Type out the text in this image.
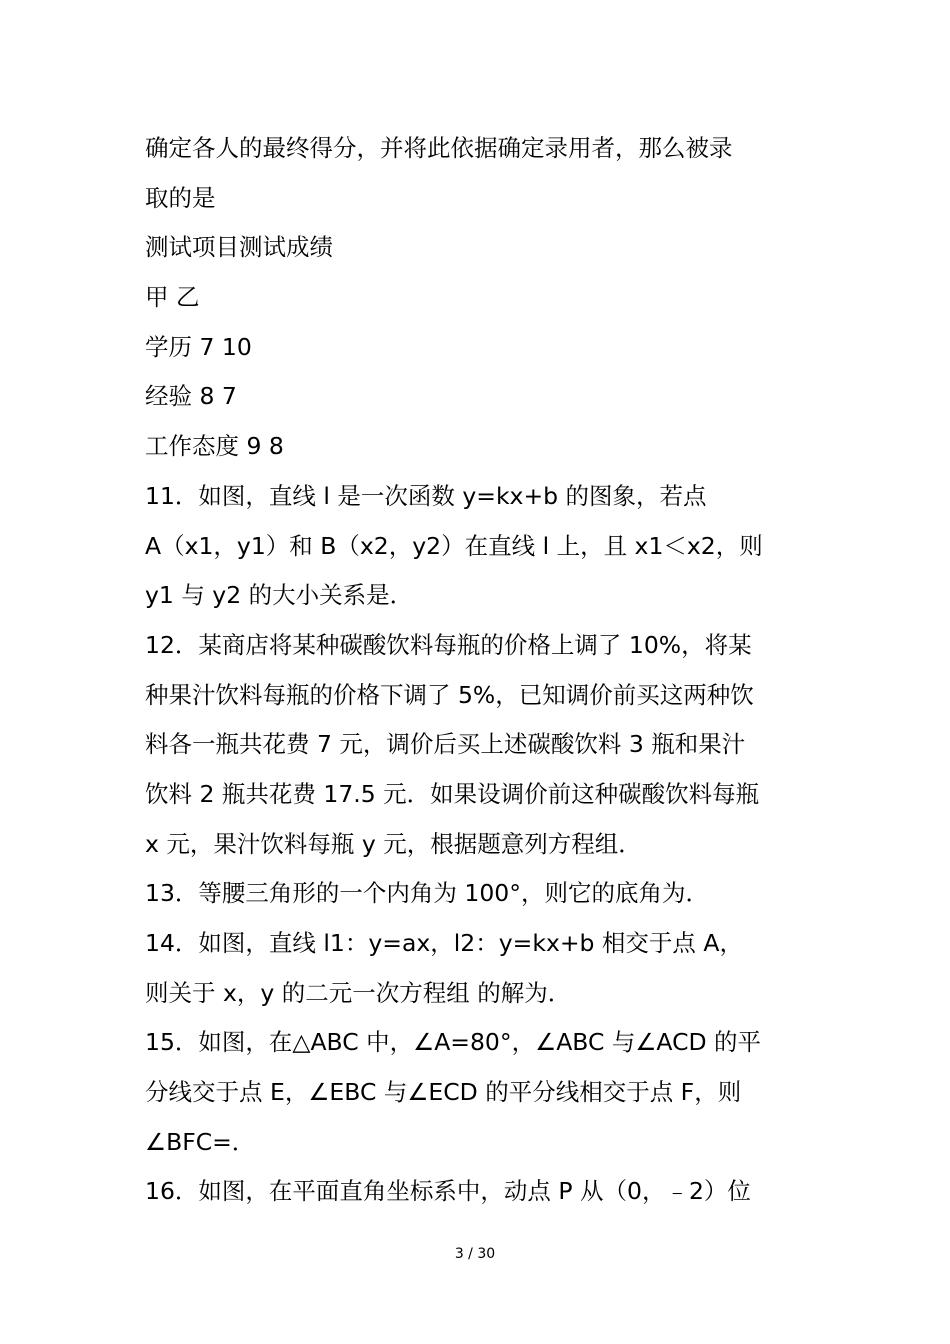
确定各人的最终得分，并将此依据确定录用者，那么被录
取的是
测试项目测试成绩
甲 乙
学历 7 10
经验 8 7
工作态度 9 8
11．如图，直线 l 是一次函数 y=kx+b 的图象，若点
A（x1，y1）和 B（x2，y2）在直线 l 上，且 x1＜x2，则
y1 与 y2 的大小关系是．
12．某商店将某种碳酸饮料每瓶的价格上调了 10%，将某
种果汁饮料每瓶的价格下调了 5%，已知调价前买这两种饮
料各一瓶共花费 7 元，调价后买上述碳酸饮料 3 瓶和果汁
饮料 2 瓶共花费 17.5 元．如果设调价前这种碳酸饮料每瓶
x 元，果汁饮料每瓶 y 元，根据题意列方程组．
13．等腰三角形的一个内角为 100°，则它的底角为．
14．如图，直线 l1：y=ax，l2：y=kx+b 相交于点 A，
则关于 x，y 的二元一次方程组 的解为．
15．如图，在△ABC 中，∠A=80°，∠ABC 与∠ACD 的平
分线交于点 E，∠EBC 与∠ECD 的平分线相交于点 F，则
∠BFC=．
16．如图，在平面直角坐标系中，动点 P 从（0，﹣2）位
3 / 30
